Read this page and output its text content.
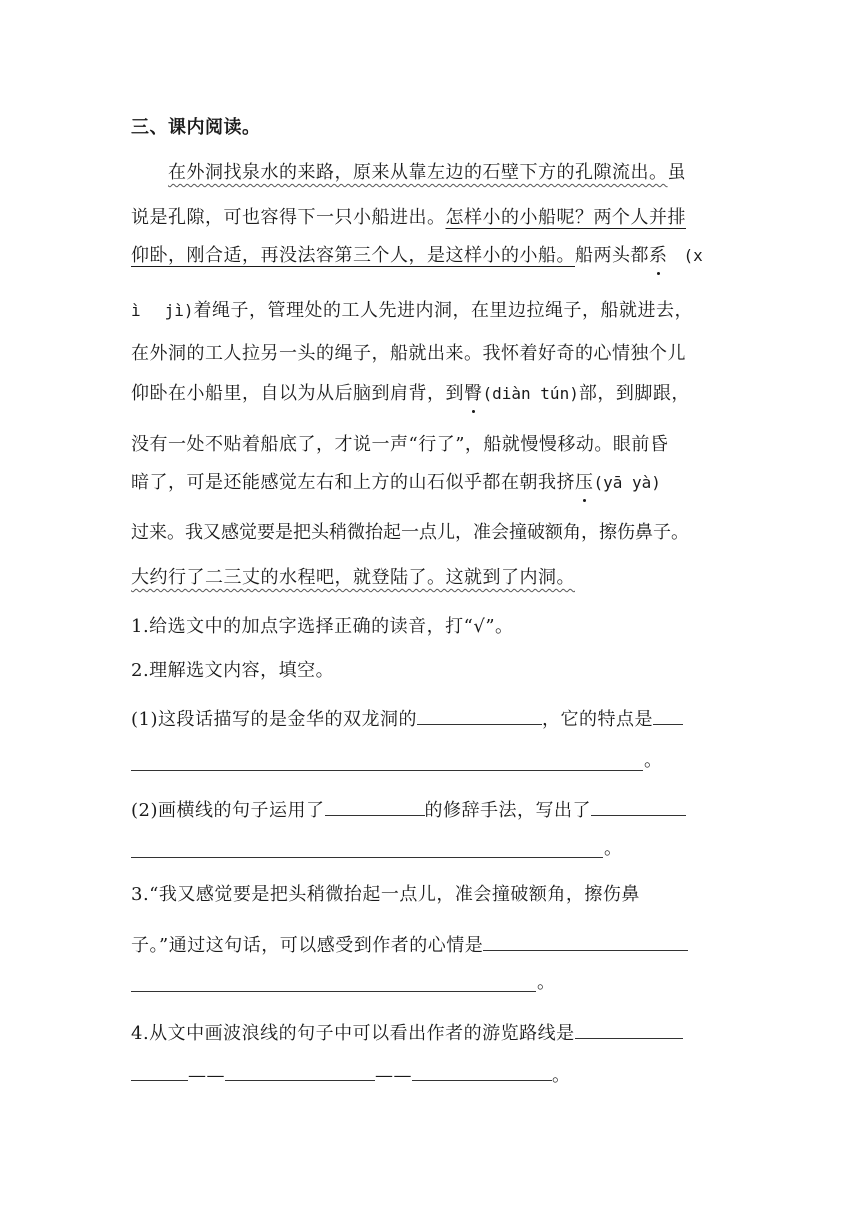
三、课内阅读。
在外洞找泉水的来路，原来从靠左边的石壁下方的孔隙流出。虽
说是孔隙，可也容得下一只小船进出。怎样小的小船呢？两个人并排
仰卧，刚合适，再没法容第三个人，是这样小的小船。船两头都系 (x
ì jì)着绳子，管理处的工人先进内洞，在里边拉绳子，船就进去，
在外洞的工人拉另一头的绳子，船就出来。我怀着好奇的心情独个儿
仰卧在小船里，自以为从后脑到肩背，到臀(diàn tún)部，到脚跟，
没有一处不贴着船底了，才说一声“行了”，船就慢慢移动。眼前昏
暗了，可是还能感觉左右和上方的山石似乎都在朝我挤压(yā yà)
过来。我又感觉要是把头稍微抬起一点儿，准会撞破额角，擦伤鼻子。
大约行了二三丈的水程吧，就登陆了。这就到了内洞。
1.给选文中的加点字选择正确的读音，打“√”。
2.理解选文内容，填空。
(1)这段话描写的是金华的双龙洞的	，它的特点是
。
(2)画横线的句子运用了	的修辞手法，写出了
。
3.“我又感觉要是把头稍微抬起一点儿，准会撞破额角，擦伤鼻
子。”通过这句话，可以感受到作者的心情是
。
4.从文中画波浪线的句子中可以看出作者的游览路线是
——	——	。
